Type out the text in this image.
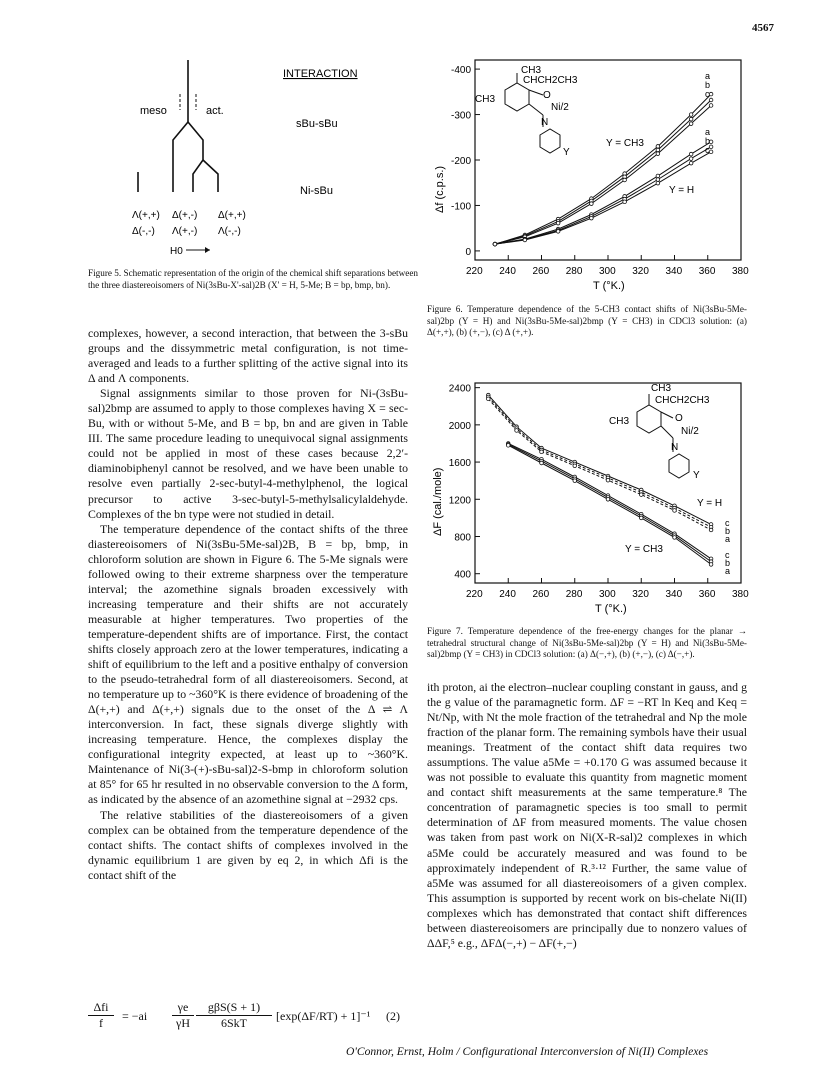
4567
meso	act.
INTERACTION
sBu-sBu
Ni-sBu
Λ(+,+) Δ(+,-) Δ(+,+)
Δ(-,-) Λ(+,-) Λ(-,-)
H0
Figure 5. Schematic representation of the origin of the chemical shift separations between the three diastereoisomers of Ni(3sBu-X'-sal)2B (X' = H, 5-Me; B = bp, bmp, bn).
220 240 260 280 300 320 340 360 380
0
-100
-200
-300
-400
Δf (c.p.s.)
T (°K.)
Y = CH3
Y = H
CH3
CHCH2CH3
CH3	O
Ni/2
N
Y
a
b
c
a
b
c
Figure 6. Temperature dependence of the 5-CH3 contact shifts of Ni(3sBu-5Me-sal)2bp (Y = H) and Ni(3sBu-5Me-sal)2bmp (Y = CH3) in CDCl3 solution: (a) Δ(+,+), (b) (+,−), (c) Δ (+,+).
220 240 260 280 300 320 340 360 380
400
800
1200
1600
2000
2400
ΔF (cal./mole)
T (°K.)
Y = H
Y = CH3
CH3
CHCH2CH3
CH3	O
Ni/2
N
Y
c
b
a
c
b
a
Figure 7. Temperature dependence of the free-energy changes for the planar → tetrahedral structural change of Ni(3sBu-5Me-sal)2bp (Y = H) and Ni(3sBu-5Me-sal)2bmp (Y = CH3) in CDCl3 solution: (a) Δ(−,+), (b) (+,−), (c) Δ(−,+).

complexes, however, a second interaction, that between the 3-sBu groups and the dissymmetric metal configuration, is not time-averaged and leads to a further splitting of the active signal into its Δ and Λ components.

Signal assignments similar to those proven for Ni-(3sBu-sal)2bmp are assumed to apply to those complexes having X = sec-Bu, with or without 5-Me, and B = bp, bn and are given in Table III. The same procedure leading to unequivocal signal assignments could not be applied in most of these cases because 2,2′-diaminobiphenyl cannot be resolved, and we have been unable to resolve even partially 2-sec-butyl-4-methylphenol, the logical precursor to active 3-sec-butyl-5-methylsalicylaldehyde. Complexes of the bn type were not studied in detail.

The temperature dependence of the contact shifts of the three diastereoisomers of Ni(3sBu-5Me-sal)2B, B = bp, bmp, in chloroform solution are shown in Figure 6. The 5-Me signals were followed owing to their extreme sharpness over the temperature interval; the azomethine signals broaden excessively with increasing temperature and their shifts are not accurately measurable at higher temperatures. Two properties of the temperature-dependent shifts are of importance. First, the contact shifts closely approach zero at the lower temperatures, indicating a shift of equilibrium to the left and a positive enthalpy of conversion to the pseudo-tetrahedral form of all diastereoisomers. Second, at no temperature up to ~360°K is there evidence of broadening of the Δ(+,+) and Δ(+,+) signals due to the onset of the Δ ⇌ Λ interconversion. In fact, these signals diverge slightly with increasing temperature. Hence, the complexes display the configurational integrity expected, at least up to ~360°K. Maintenance of Ni(3-(+)-sBu-sal)2-S-bmp in chloroform solution at 85° for 65 hr resulted in no observable conversion to the Δ form, as indicated by the absence of an azomethine signal at −2932 cps.

The relative stabilities of the diastereoisomers of a given complex can be obtained from the temperature dependence of the contact shifts. The contact shifts of complexes involved in the dynamic equilibrium 1 are given by eq 2, in which Δfi is the contact shift of the

Δfi
f	= −ai
γe
γH
gβS(S + 1)
6SkT	[exp(ΔF/RT) + 1]⁻¹ (2)

ith proton, ai the electron–nuclear coupling constant in gauss, and g the g value of the paramagnetic form. ΔF = −RT ln Keq and Keq = Nt/Np, with Nt the mole fraction of the tetrahedral and Np the mole fraction of the planar form. The remaining symbols have their usual meanings. Treatment of the contact shift data requires two assumptions. The value a5Me = +0.170 G was assumed because it was not possible to evaluate this quantity from magnetic moment and contact shift measurements at the same temperature.⁸ The concentration of paramagnetic species is too small to permit determination of ΔF from measured moments. The value chosen was taken from past work on Ni(X-R-sal)2 complexes in which a5Me could be accurately measured and was found to be approximately independent of R.³·¹² Further, the same value of a5Me was assumed for all diastereoisomers of a given complex. This assumption is supported by recent work on bis-chelate Ni(II) complexes which has demonstrated that contact shift differences between diastereoisomers are principally due to nonzero values of ΔΔF,⁵ e.g., ΔFΔ(−,+) − ΔF(+,−)

O'Connor, Ernst, Holm / Configurational Interconversion of Ni(II) Complexes
